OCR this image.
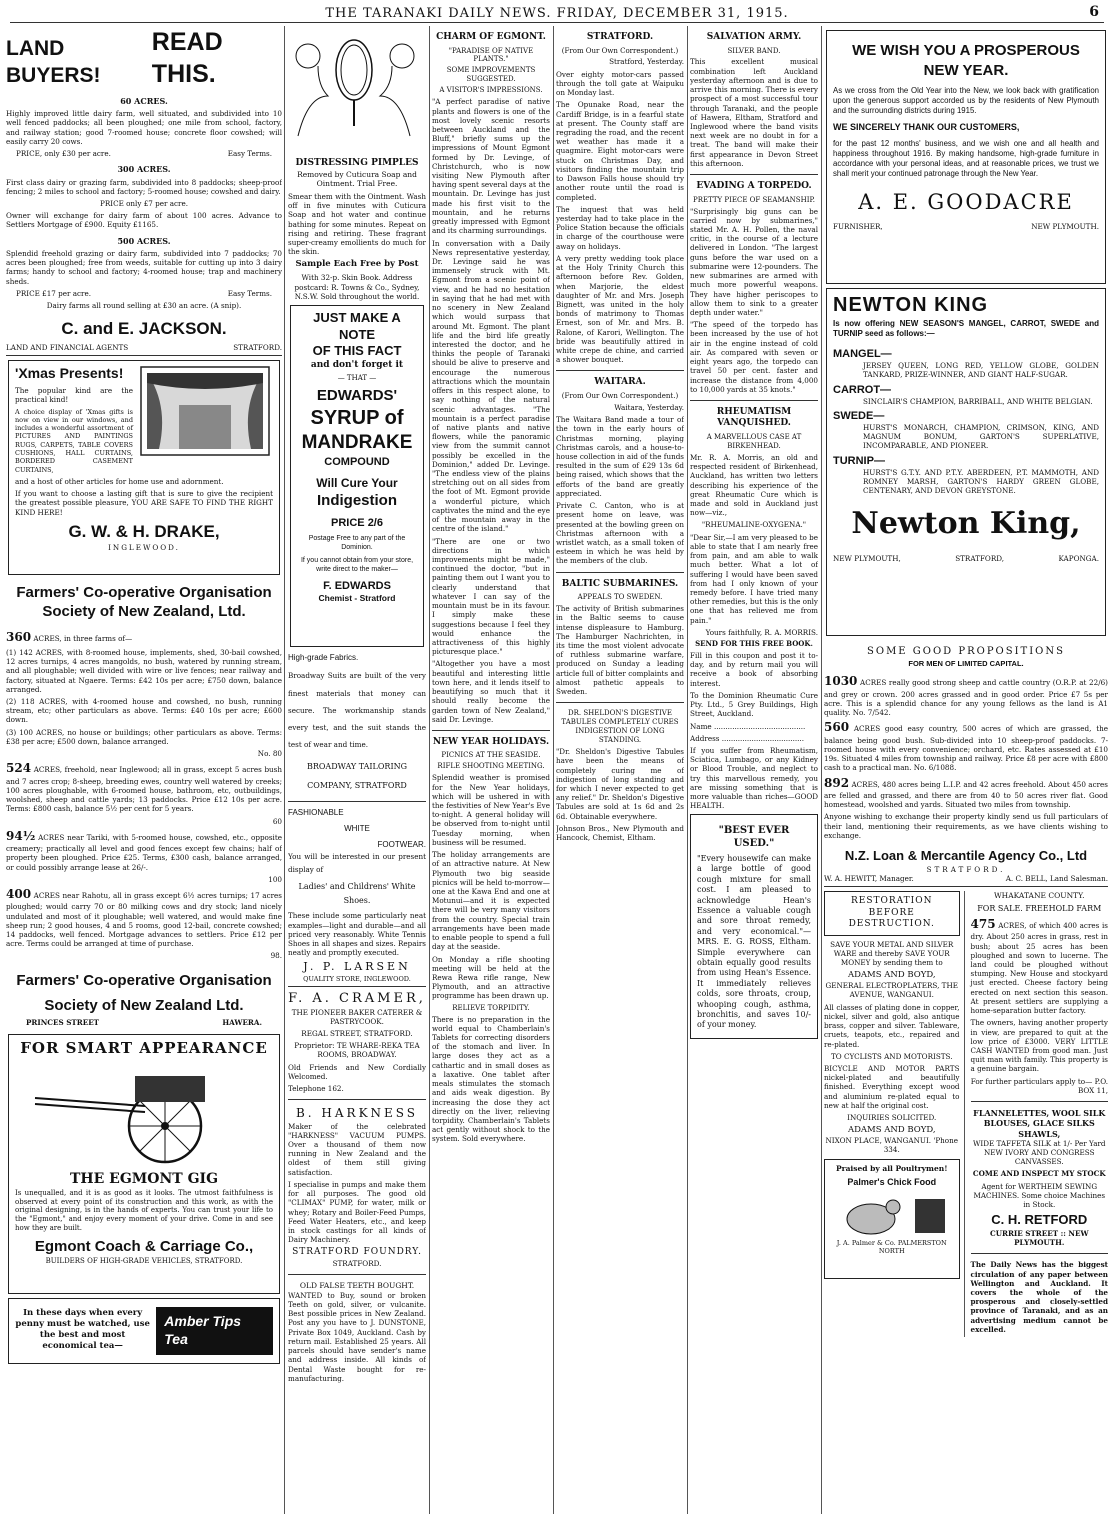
THE TARANAKI DAILY NEWS. FRIDAY, DECEMBER 31, 1915.	6
LAND BUYERS!
READ THIS.
60 ACRES.

Highly improved little dairy farm, well situated, and subdivided into 10 well fenced paddocks; all been ploughed; one mile from school, factory, and railway station; good 7-roomed house; concrete floor cowshed; will easily carry 20 cows.

PRICE, only £30 per acre.	Easy Terms.

300 ACRES.

First class dairy or grazing farm, subdivided into 8 paddocks; sheep-proof fencing; 2 miles to school and factory; 5-roomed house; cowshed and dairy.

PRICE only £7 per acre.

Owner will exchange for dairy farm of about 100 acres. Advance to Settlers Mortgage of £900. Equity £1165.

500 ACRES.

Splendid freehold grazing or dairy farm, subdivided into 7 paddocks; 70 acres been ploughed; free from weeds, suitable for cutting up into 3 dairy farms; handy to school and factory; 4-roomed house; trap and machinery sheds.

PRICE £17 per acre.	Easy Terms.

Dairy farms all round selling at £30 an acre. (A snip).

C. and E. JACKSON.

LAND AND FINANCIAL AGENTS	STRATFORD.

'Xmas Presents!

The popular kind are the practical kind!

A choice display of 'Xmas gifts is now on view in our windows, and includes a wonderful assortment of PICTURES AND PAINTINGS RUGS, CARPETS, TABLE COVERS CUSHIONS, HALL CURTAINS, BORDERED CASEMENT CURTAINS,

and a host of other articles for home use and adornment.

If you want to choose a lasting gift that is sure to give the recipient the greatest possible pleasure, YOU ARE SAFE TO FIND THE RIGHT KIND HERE!

G. W. & H. DRAKE,
INGLEWOOD.
Farmers' Co-operative Organisation
Society of New Zealand, Ltd.

360 ACRES, in three farms of—

(1) 142 ACRES, with 8-roomed house, implements, shed, 30-bail cowshed, 12 acres turnips, 4 acres mangolds, no bush, watered by running stream, and all ploughable; well divided with wire or live fences; near railway and factory, situated at Ngaere. Terms: £42 10s per acre; £750 down, balance arranged.

(2) 118 ACRES, with 4-roomed house and cowshed, no bush, running stream, etc; other particulars as above. Terms: £40 10s per acre; £600 down.

(3) 100 ACRES, no house or buildings; other particulars as above. Terms: £38 per acre; £500 down, balance arranged.

No. 80

524 ACRES, freehold, near Inglewood; all in grass, except 5 acres bush and 7 acres crop; 8-sheep, breeding ewes, country well watered by creeks; 100 acres ploughable, with 6-roomed house, bathroom, etc, outbuildings, woolshed, sheep and cattle yards; 13 paddocks. Price £12 10s per acre. Terms: £800 cash, balance 5½ per cent for 5 years.

60

94½ ACRES near Tariki, with 5-roomed house, cowshed, etc., opposite creamery; practically all level and good fences except few chains; half of property been ploughed. Price £25. Terms, £300 cash, balance arranged, or could possibly arrange lease at 26/-.

100

400 ACRES near Rahotu, all in grass except 6½ acres turnips; 17 acres ploughed; would carry 70 or 80 milking cows and dry stock; land nicely undulated and most of it ploughable; well watered, and would make fine sheep run; 2 good houses, 4 and 5 rooms, good 12-bail, concrete cowshed; 14 paddocks, well fenced. Mortgage advances to settlers. Price £12 per acre. Terms could be arranged at time of purchase.

98.

Farmers' Co-operative Organisation
Society of New Zealand Ltd.

PRINCES STREET	HAWERA.

FOR SMART APPEARANCE
THE EGMONT GIG

Is unequalled, and it is as good as it looks. The utmost faithfulness is observed at every point of its construction and this work, as with the original designing, is in the hands of experts. You can trust your life to the "Egmont," and enjoy every moment of your drive. Come in and see how they are built.

Egmont Coach & Carriage Co.,
BUILDERS OF HIGH-GRADE VEHICLES, STRATFORD.

In these days when every penny must be watched, use the best and most economical tea—

Amber Tips Tea
DISTRESSING PIMPLES

Removed by Cuticura Soap and Ointment. Trial Free.

Smear them with the Ointment. Wash off in five minutes with Cuticura Soap and hot water and continue bathing for some minutes. Repeat on rising and retiring. These fragrant super-creamy emollients do much for the skin.

Sample Each Free by Post

With 32-p. Skin Book. Address postcard: R. Towns & Co., Sydney, N.S.W. Sold throughout the world.

JUST MAKE A NOTE
OF THIS FACT
and don't forget it
— THAT —
EDWARDS'
SYRUP of
MANDRAKE
COMPOUND
Will Cure Your
Indigestion
PRICE 2/6
Postage Free to any part of the Dominion.
If you cannot obtain from your store, write direct to the maker—
F. EDWARDS
Chemist - Stratford
High-grade Fabrics.

Broadway Suits are built of the very finest materials that money can secure. The workmanship stands every test, and the suit stands the test of wear and time.

BROADWAY TAILORING COMPANY, STRATFORD

FASHIONABLE
WHITE
FOOTWEAR.

You will be interested in our present display of

Ladies' and Childrens' White Shoes.

These include some particularly neat examples—light and durable—and all priced very reasonably. White Tennis Shoes in all shapes and sizes. Repairs neatly and promptly executed.

J. P. LARSEN
QUALITY STORE, INGLEWOOD.
F. A. CRAMER,

THE PIONEER BAKER CATERER & PASTRYCOOK.

REGAL STREET, STRATFORD.

Proprietor: TE WHARE-REKA TEA ROOMS, BROADWAY.

Old Friends and New Cordially Welcomed.

Telephone 162.

B. HARKNESS

Maker of the celebrated "HARKNESS" VACUUM PUMPS. Over a thousand of them now running in New Zealand and the oldest of them still giving satisfaction.

I specialise in pumps and make them for all purposes. The good old "CLIMAX" PUMP, for water, milk or whey; Rotary and Boiler-Feed Pumps, Feed Water Heaters, etc., and keep in stock castings for all kinds of Dairy Machinery.

STRATFORD FOUNDRY.

STRATFORD.

OLD FALSE TEETH BOUGHT.

WANTED to Buy, sound or broken Teeth on gold, silver, or vulcanite. Best possible prices in New Zealand. Post any you have to J. DUNSTONE, Private Box 1049, Auckland. Cash by return mail. Established 25 years. All parcels should have sender's name and address inside. All kinds of Dental Waste bought for re-manufacturing.

CHARM OF EGMONT.
"PARADISE OF NATIVE PLANTS."
SOME IMPROVEMENTS SUGGESTED.
A VISITOR'S IMPRESSIONS.

"A perfect paradise of native plants and flowers is one of the most lovely scenic resorts between Auckland and the Bluff," briefly sums up the impressions of Mount Egmont formed by Dr. Levinge, of Christchurch, who is now visiting New Plymouth after having spent several days at the mountain. Dr. Levinge has just made his first visit to the mountain, and he returns greatly impressed with Egmont and its charming surroundings.

In conversation with a Daily News representative yesterday, Dr. Levinge said he was immensely struck with Mt. Egmont from a scenic point of view, and he had no hesitation in saying that he had met with no scenery in New Zealand which would surpass that around Mt. Egmont. The plant life and the bird life greatly interested the doctor, and he thinks the people of Taranaki should be alive to preserve and encourage the numerous attractions which the mountain offers in this respect alone, to say nothing of the natural scenic advantages. "The mountain is a perfect paradise of native plants and native flowers, while the panoramic view from the summit cannot possibly be excelled in the Dominion," added Dr. Levinge. "The endless view of the plains stretching out on all sides from the foot of Mt. Egmont provide a wonderful picture, which captivates the mind and the eye of the mountain away in the centre of the island."

"There are one or two directions in which improvements might be made," continued the doctor, "but in painting them out I want you to clearly understand that whatever I can say of the mountain must be in its favour. I simply make these suggestions because I feel they would enhance the attractiveness of this highly picturesque place."

"Altogether you have a most beautiful and interesting little town here, and it lends itself to beautifying so much that it should really become the garden town of New Zealand," said Dr. Levinge.

NEW YEAR HOLIDAYS.
PICNICS AT THE SEASIDE.
RIFLE SHOOTING MEETING.

Splendid weather is promised for the New Year holidays, which will be ushered in with the festivities of New Year's Eve to-night. A general holiday will be observed from to-night until Tuesday morning, when business will be resumed.

The holiday arrangements are of an attractive nature. At New Plymouth two big seaside picnics will be held to-morrow—one at the Kawa End and one at Motunui—and it is expected there will be very many visitors from the country. Special train arrangements have been made to enable people to spend a full day at the seaside.

On Monday a rifle shooting meeting will be held at the Rewa Rewa rifle range, New Plymouth, and an attractive programme has been drawn up.

RELIEVE TORPIDITY.

There is no preparation in the world equal to Chamberlain's Tablets for correcting disorders of the stomach and liver. In large doses they act as a cathartic and in small doses as a laxative. One tablet after meals stimulates the stomach and aids weak digestion. By increasing the dose they act directly on the liver, relieving torpidity. Chamberlain's Tablets act gently without shock to the system. Sold everywhere.

STRATFORD.
(From Our Own Correspondent.)

Stratford, Yesterday.

Over eighty motor-cars passed through the toll gate at Waipuku on Monday last.

The Opunake Road, near the Cardiff Bridge, is in a fearful state at present. The County staff are regrading the road, and the recent wet weather has made it a quagmire. Eight motor-cars were stuck on Christmas Day, and visitors finding the mountain trip to Dawson Falls house should try another route until the road is completed.

The inquest that was held yesterday had to take place in the Police Station because the officials in charge of the courthouse were away on holidays.

A very pretty wedding took place at the Holy Trinity Church this afternoon before Rev. Golden, when Marjorie, the eldest daughter of Mr. and Mrs. Joseph Bignett, was united in the holy bonds of matrimony to Thomas Ernest, son of Mr. and Mrs. B. Ralone, of Karori, Wellington. The bride was beautifully attired in white crepe de chine, and carried a shower bouquet.

WAITARA.
(From Our Own Correspondent.)

Waitara, Yesterday.

The Waitara Band made a tour of the town in the early hours of Christmas morning, playing Christmas carols, and a house-to-house collection in aid of the funds resulted in the sum of £29 13s 6d being raised, which shows that the efforts of the band are greatly appreciated.

Private C. Canton, who is at present home on leave, was presented at the bowling green on Christmas afternoon with a wristlet watch, as a small token of esteem in which he was held by the members of the club.

BALTIC SUBMARINES.
APPEALS TO SWEDEN.

The activity of British submarines in the Baltic seems to cause intense displeasure to Hamburg. The Hamburger Nachrichten, in its time the most violent advocate of ruthless submarine warfare, produced on Sunday a leading article full of bitter complaints and almost pathetic appeals to Sweden.

DR. SHELDON'S DIGESTIVE TABULES COMPLETELY CURES INDIGESTION OF LONG STANDING.

"Dr. Sheldon's Digestive Tabules have been the means of completely curing me of indigestion of long standing and for which I never expected to get any relief." Dr. Sheldon's Digestive Tabules are sold at 1s 6d and 2s 6d. Obtainable everywhere.

Johnson Bros., New Plymouth and Hancock, Chemist, Eltham.

SALVATION ARMY.
SILVER BAND.

This excellent musical combination left Auckland yesterday afternoon and is due to arrive this morning. There is every prospect of a most successful tour through Taranaki, and the people of Hawera, Eltham, Stratford and Inglewood where the band visits next week are no doubt in for a treat. The band will make their first appearance in Devon Street this afternoon.

EVADING A TORPEDO.
PRETTY PIECE OF SEAMANSHIP.

"Surprisingly big guns can be carried now by submarines," stated Mr. A. H. Pollen, the naval critic, in the course of a lecture delivered in London. "The largest guns before the war used on a submarine were 12-pounders. The new submarines are armed with much more powerful weapons. They have higher periscopes to allow them to sink to a greater depth under water."

"The speed of the torpedo has been increased by the use of hot air in the engine instead of cold air. As compared with seven or eight years ago, the torpedo can travel 50 per cent. faster and increase the distance from 4,000 to 10,000 yards at 35 knots."

RHEUMATISM VANQUISHED.
A MARVELLOUS CASE AT BIRKENHEAD.

Mr. R. A. Morris, an old and respected resident of Birkenhead, Auckland, has written two letters describing his experience of the great Rheumatic Cure which is made and sold in Auckland just now—viz.,

"RHEUMALINE-OXYGENA."

"Dear Sir,—I am very pleased to be able to state that I am nearly free from pain, and am able to walk much better. What a lot of suffering I would have been saved from had I only known of your remedy before. I have tried many other remedies, but this is the only one that has relieved me from pain."

Yours faithfully, R. A. MORRIS.

SEND FOR THIS FREE BOOK.

Fill in this coupon and post it to-day, and by return mail you will receive a book of absorbing interest.

To the Dominion Rheumatic Cure Pty. Ltd., 5 Grey Buildings, High Street, Auckland.

Name ........................................

Address ....................................

If you suffer from Rheumatism, Sciatica, Lumbago, or any Kidney or Blood Trouble, and neglect to try this marvellous remedy, you are missing something that is more valuable than riches—GOOD HEALTH.

"BEST EVER USED."

"Every housewife can make a large bottle of good cough mixture for small cost. I am pleased to acknowledge Hean's Essence a valuable cough and sore throat remedy, and very economical."— MRS. E. G. ROSS, Eltham. Simple everywhere can obtain equally good results from using Hean's Essence. It immediately relieves colds, sore throats, croup, whooping cough, asthma, bronchitis, and saves 10/- of your money.

WE WISH YOU A PROSPEROUS NEW YEAR.

As we cross from the Old Year into the New, we look back with gratification upon the generous support accorded us by the residents of New Plymouth and the surrounding districts during 1915.

WE SINCERELY THANK OUR CUSTOMERS,

for the past 12 months' business, and we wish one and all health and happiness throughout 1916. By making handsome, high-grade furniture in accordance with your personal ideas, and at reasonable prices, we trust we shall merit your continued patronage through the New Year.

A. E. GOODACRE

FURNISHER,	NEW PLYMOUTH.

NEWTON KING

Is now offering NEW SEASON'S MANGEL, CARROT, SWEDE and TURNIP seed as follows:—

MANGEL—

JERSEY QUEEN, LONG RED, YELLOW GLOBE, GOLDEN TANKARD, PRIZE-WINNER, AND GIANT HALF-SUGAR.

CARROT—

SINCLAIR'S CHAMPION, BARRIBALL, AND WHITE BELGIAN.

SWEDE—

HURST'S MONARCH, CHAMPION, CRIMSON, KING, AND MAGNUM BONUM, GARTON'S SUPERLATIVE, INCOMPARABLE, AND PIONEER.

TURNIP—

HURST'S G.T.Y. AND P.T.Y. ABERDEEN, P.T. MAMMOTH, AND ROMNEY MARSH, GARTON'S HARDY GREEN GLOBE, CENTENARY, AND DEVON GREYSTONE.

Newton King,

NEW PLYMOUTH,	STRATFORD,	KAPONGA.

SOME GOOD PROPOSITIONS
FOR MEN OF LIMITED CAPITAL.

1030 ACRES really good strong sheep and cattle country (O.R.P. at 22/6) and grey or crown. 200 acres grassed and in good order. Price £7 5s per acre. This is a splendid chance for any young fellows as the land is A1 quality. No. 7/542.

560 ACRES good easy country, 500 acres of which are grassed, the balance being good bush. Sub-divided into 10 sheep-proof paddocks. 7-roomed house with every convenience; orchard, etc. Rates assessed at £10 19s. Situated 4 miles from township and railway. Price £8 per acre with £800 cash to a practical man. No. 6/1088.

892 ACRES, 480 acres being L.I.P. and 42 acres freehold. About 450 acres are felled and grassed, and there are from 40 to 50 acres river flat. Good homestead, woolshed and yards. Situated two miles from township.

Anyone wishing to exchange their property kindly send us full particulars of their land, mentioning their requirements, as we have clients wishing to exchange.

N.Z. Loan & Mercantile Agency Co., Ltd
STRATFORD.

W. A. HEWITT, Manager.	A. C. BELL, Land Salesman.

RESTORATION BEFORE DESTRUCTION.

SAVE YOUR METAL AND SILVER WARE and thereby SAVE YOUR MONEY by sending them to

ADAMS AND BOYD,

GENERAL ELECTROPLATERS, THE AVENUE, WANGANUI.

All classes of plating done in copper, nickel, silver and gold, also antique brass, copper and silver. Tableware, cruets, teapots, etc., repaired and re-plated.

TO CYCLISTS AND MOTORISTS.

BICYCLE AND MOTOR PARTS nickel-plated and beautifully finished. Everything except wood and aluminium re-plated equal to new at half the original cost.

INQUIRIES SOLICITED.

ADAMS AND BOYD,

NIXON PLACE, WANGANUI. 'Phone 334.

Praised by all Poultrymen!
Palmer's Chick Food
J. A. Palmer & Co. PALMERSTON NORTH
WHAKATANE COUNTY.
FOR SALE. FREEHOLD FARM

475 ACRES, of which 400 acres is dry. About 250 acres in grass, rest in bush; about 25 acres has been ploughed and sown to lucerne. The land could be ploughed without stumping. New House and stockyard just erected. Cheese factory being erected on next section this season. At present settlers are supplying a home-separation butter factory.

The owners, having another property in view, are prepared to quit at the low price of £3000. VERY LITTLE CASH WANTED from good man. Just quit man with family. This property is a genuine bargain.

For further particulars apply to— P.O. BOX 11,

FLANNELETTES, WOOL SILK BLOUSES, GLACE SILKS SHAWLS,

WIDE TAFFETA SILK at 1/- Per Yard NEW IVORY AND CONGRESS CANVASSES.

COME AND INSPECT MY STOCK

Agent for WERTHEIM SEWING MACHINES. Some choice Machines in Stock.

C. H. RETFORD

CURRIE STREET :: NEW PLYMOUTH.

The Daily News has the biggest circulation of any paper between Wellington and Auckland. It covers the whole of the prosperous and closely-settled province of Taranaki, and as an advertising medium cannot be excelled.
